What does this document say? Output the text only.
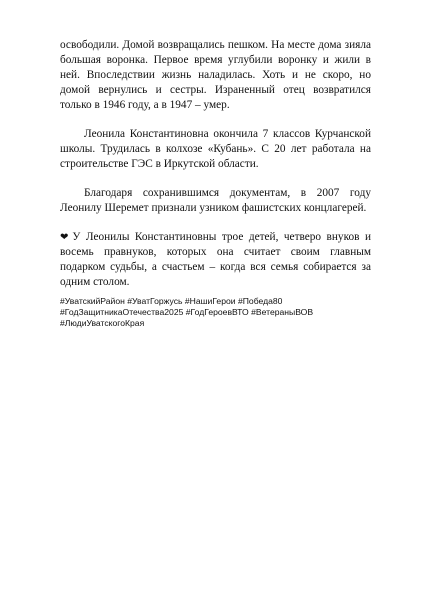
освободили. Домой возвращались пешком. На месте дома зияла большая воронка. Первое время углубили воронку и жили в ней. Впоследствии жизнь наладилась. Хоть и не скоро, но домой вернулись и сестры. Израненный отец возвратился только в 1946 году, а в 1947 – умер.

Леонила Константиновна окончила 7 классов Курчанской школы. Трудилась в колхозе «Кубань». С 20 лет работала на строительстве ГЭС в Иркутской области.

Благодаря сохранившимся документам, в 2007 году Леонилу Шеремет признали узником фашистских концлагерей.

❤ У Леонилы Константиновны трое детей, четверо внуков и восемь правнуков, которых она считает своим главным подарком судьбы, а счастьем – когда вся семья собирается за одним столом.

#УватскийРайон #УватГоржусь #НашиГерои #Победа80
#ГодЗащитникаОтечества2025 #ГодГероевВТО #ВетераныВОВ
#ЛюдиУватскогоКрая
